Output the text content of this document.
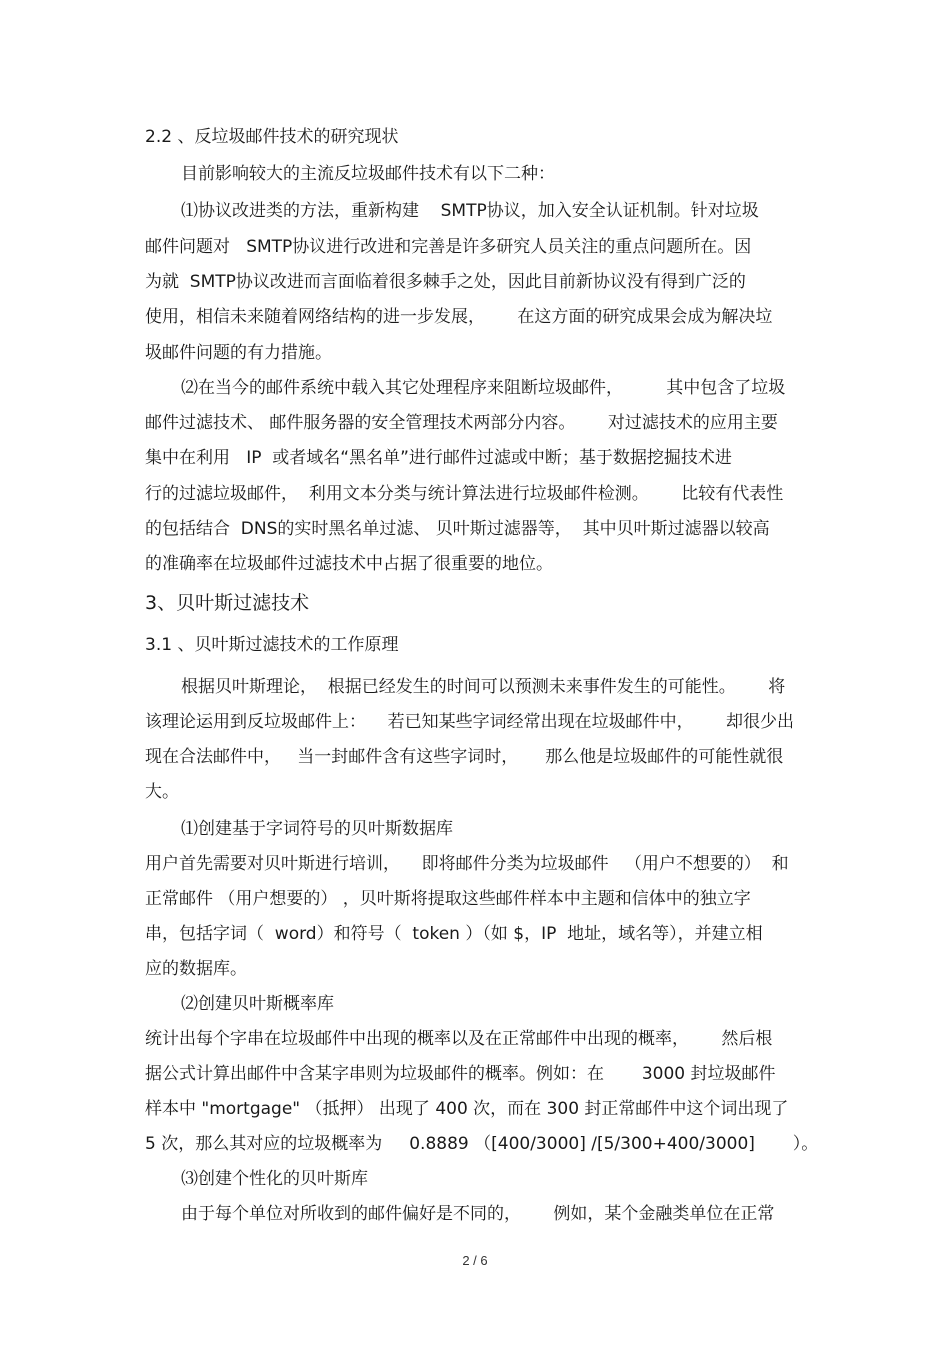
2.2 、反垃圾邮件技术的研究现状
目前影响较大的主流反垃圾邮件技术有以下二种：
⑴协议改进类的方法，重新构建    SMTP协议，加入安全认证机制。针对垃圾
邮件问题对   SMTP协议进行改进和完善是许多研究人员关注的重点问题所在。因
为就  SMTP协议改进而言面临着很多棘手之处，因此目前新协议没有得到广泛的
使用，相信未来随着网络结构的进一步发展，      在这方面的研究成果会成为解决垃
圾邮件问题的有力措施。
⑵在当今的邮件系统中载入其它处理程序来阻断垃圾邮件，        其中包含了垃圾
邮件过滤技术、 邮件服务器的安全管理技术两部分内容。      对过滤技术的应用主要
集中在利用   IP  或者域名“黑名单”进行邮件过滤或中断；基于数据挖掘技术进
行的过滤垃圾邮件，  利用文本分类与统计算法进行垃圾邮件检测。      比较有代表性
的包括结合  DNS的实时黑名单过滤、 贝叶斯过滤器等，  其中贝叶斯过滤器以较高
的准确率在垃圾邮件过滤技术中占据了很重要的地位。
3、贝叶斯过滤技术
3.1 、贝叶斯过滤技术的工作原理
根据贝叶斯理论，  根据已经发生的时间可以预测未来事件发生的可能性。      将
该理论运用到反垃圾邮件上：    若已知某些字词经常出现在垃圾邮件中，      却很少出
现在合法邮件中，   当一封邮件含有这些字词时，     那么他是垃圾邮件的可能性就很
大。
⑴创建基于字词符号的贝叶斯数据库
用户首先需要对贝叶斯进行培训，    即将邮件分类为垃圾邮件   （用户不想要的）  和
正常邮件 （用户想要的） ，贝叶斯将提取这些邮件样本中主题和信体中的独立字
串，包括字词（  word）和符号（  token ）（如 $，IP  地址，域名等），并建立相
应的数据库。
⑵创建贝叶斯概率库
统计出每个字串在垃圾邮件中出现的概率以及在正常邮件中出现的概率，      然后根
据公式计算出邮件中含某字串则为垃圾邮件的概率。例如：在       3000 封垃圾邮件
样本中 "mortgage" （抵押） 出现了 400 次，而在 300 封正常邮件中这个词出现了
5 次，那么其对应的垃圾概率为     0.8889 （[400/3000] /[5/300+400/3000]       ）。
⑶创建个性化的贝叶斯库
由于每个单位对所收到的邮件偏好是不同的，      例如，某个金融类单位在正常
2 / 6
